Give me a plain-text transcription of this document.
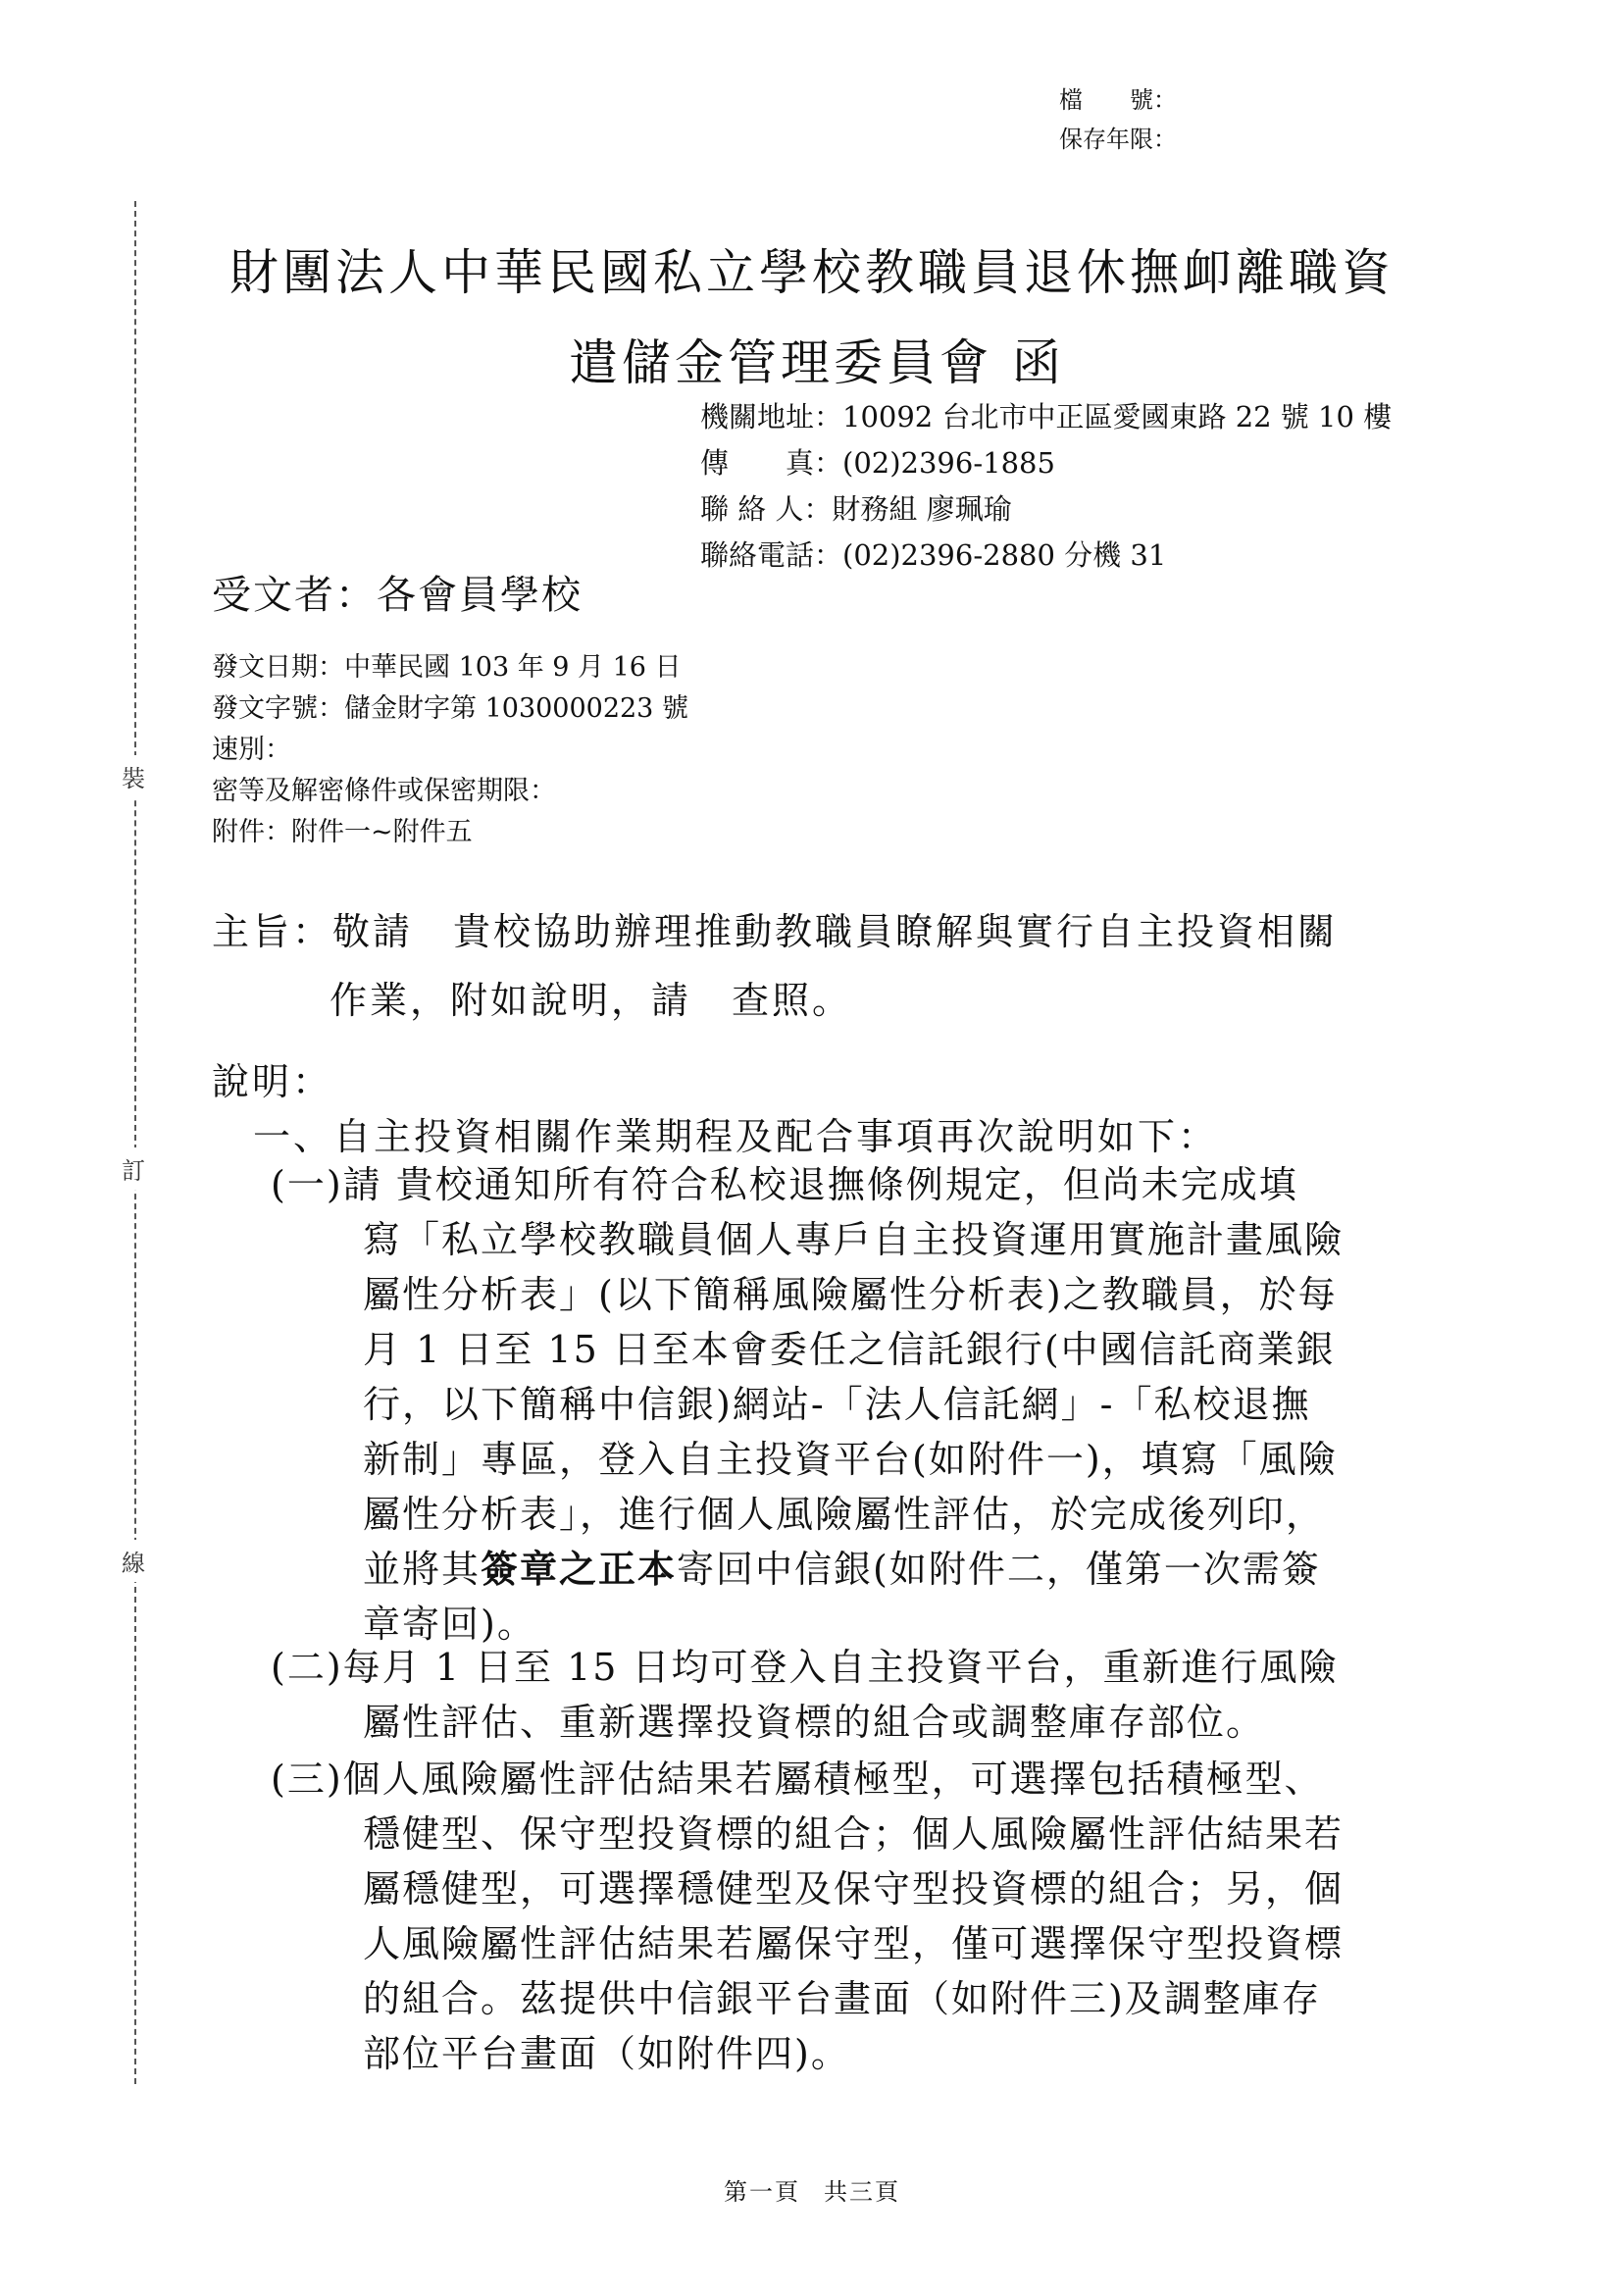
裝
訂
線
檔　　號：
保存年限：
財團法人中華民國私立學校教職員退休撫卹離職資
遣儲金管理委員會 函
機關地址：10092 台北市中正區愛國東路 22 號 10 樓
傳　　真：(02)2396-1885
聯 絡 人：財務組 廖珮瑜
聯絡電話：(02)2396-2880 分機 31
受文者：各會員學校
發文日期：中華民國 103 年 9 月 16 日
發文字號：儲金財字第 1030000223 號
速別：
密等及解密條件或保密期限：
附件：附件一~附件五
主旨：敬請　貴校協助辦理推動教職員瞭解與實行自主投資相關
作業，附如說明，請　查照。
說明：
一、自主投資相關作業期程及配合事項再次說明如下：
(一)請 貴校通知所有符合私校退撫條例規定，但尚未完成填
寫「私立學校教職員個人專戶自主投資運用實施計畫風險
屬性分析表」(以下簡稱風險屬性分析表)之教職員，於每
月 1 日至 15 日至本會委任之信託銀行(中國信託商業銀
行，以下簡稱中信銀)網站-「法人信託網」-「私校退撫
新制」專區，登入自主投資平台(如附件一)，填寫「風險
屬性分析表」，進行個人風險屬性評估，於完成後列印，
並將其簽章之正本寄回中信銀(如附件二，僅第一次需簽
章寄回)。
(二)每月 1 日至 15 日均可登入自主投資平台，重新進行風險
屬性評估、重新選擇投資標的組合或調整庫存部位。
(三)個人風險屬性評估結果若屬積極型，可選擇包括積極型、
穩健型、保守型投資標的組合；個人風險屬性評估結果若
屬穩健型，可選擇穩健型及保守型投資標的組合；另，個
人風險屬性評估結果若屬保守型，僅可選擇保守型投資標
的組合。茲提供中信銀平台畫面（如附件三)及調整庫存
部位平台畫面（如附件四)。
第一頁 共三頁
